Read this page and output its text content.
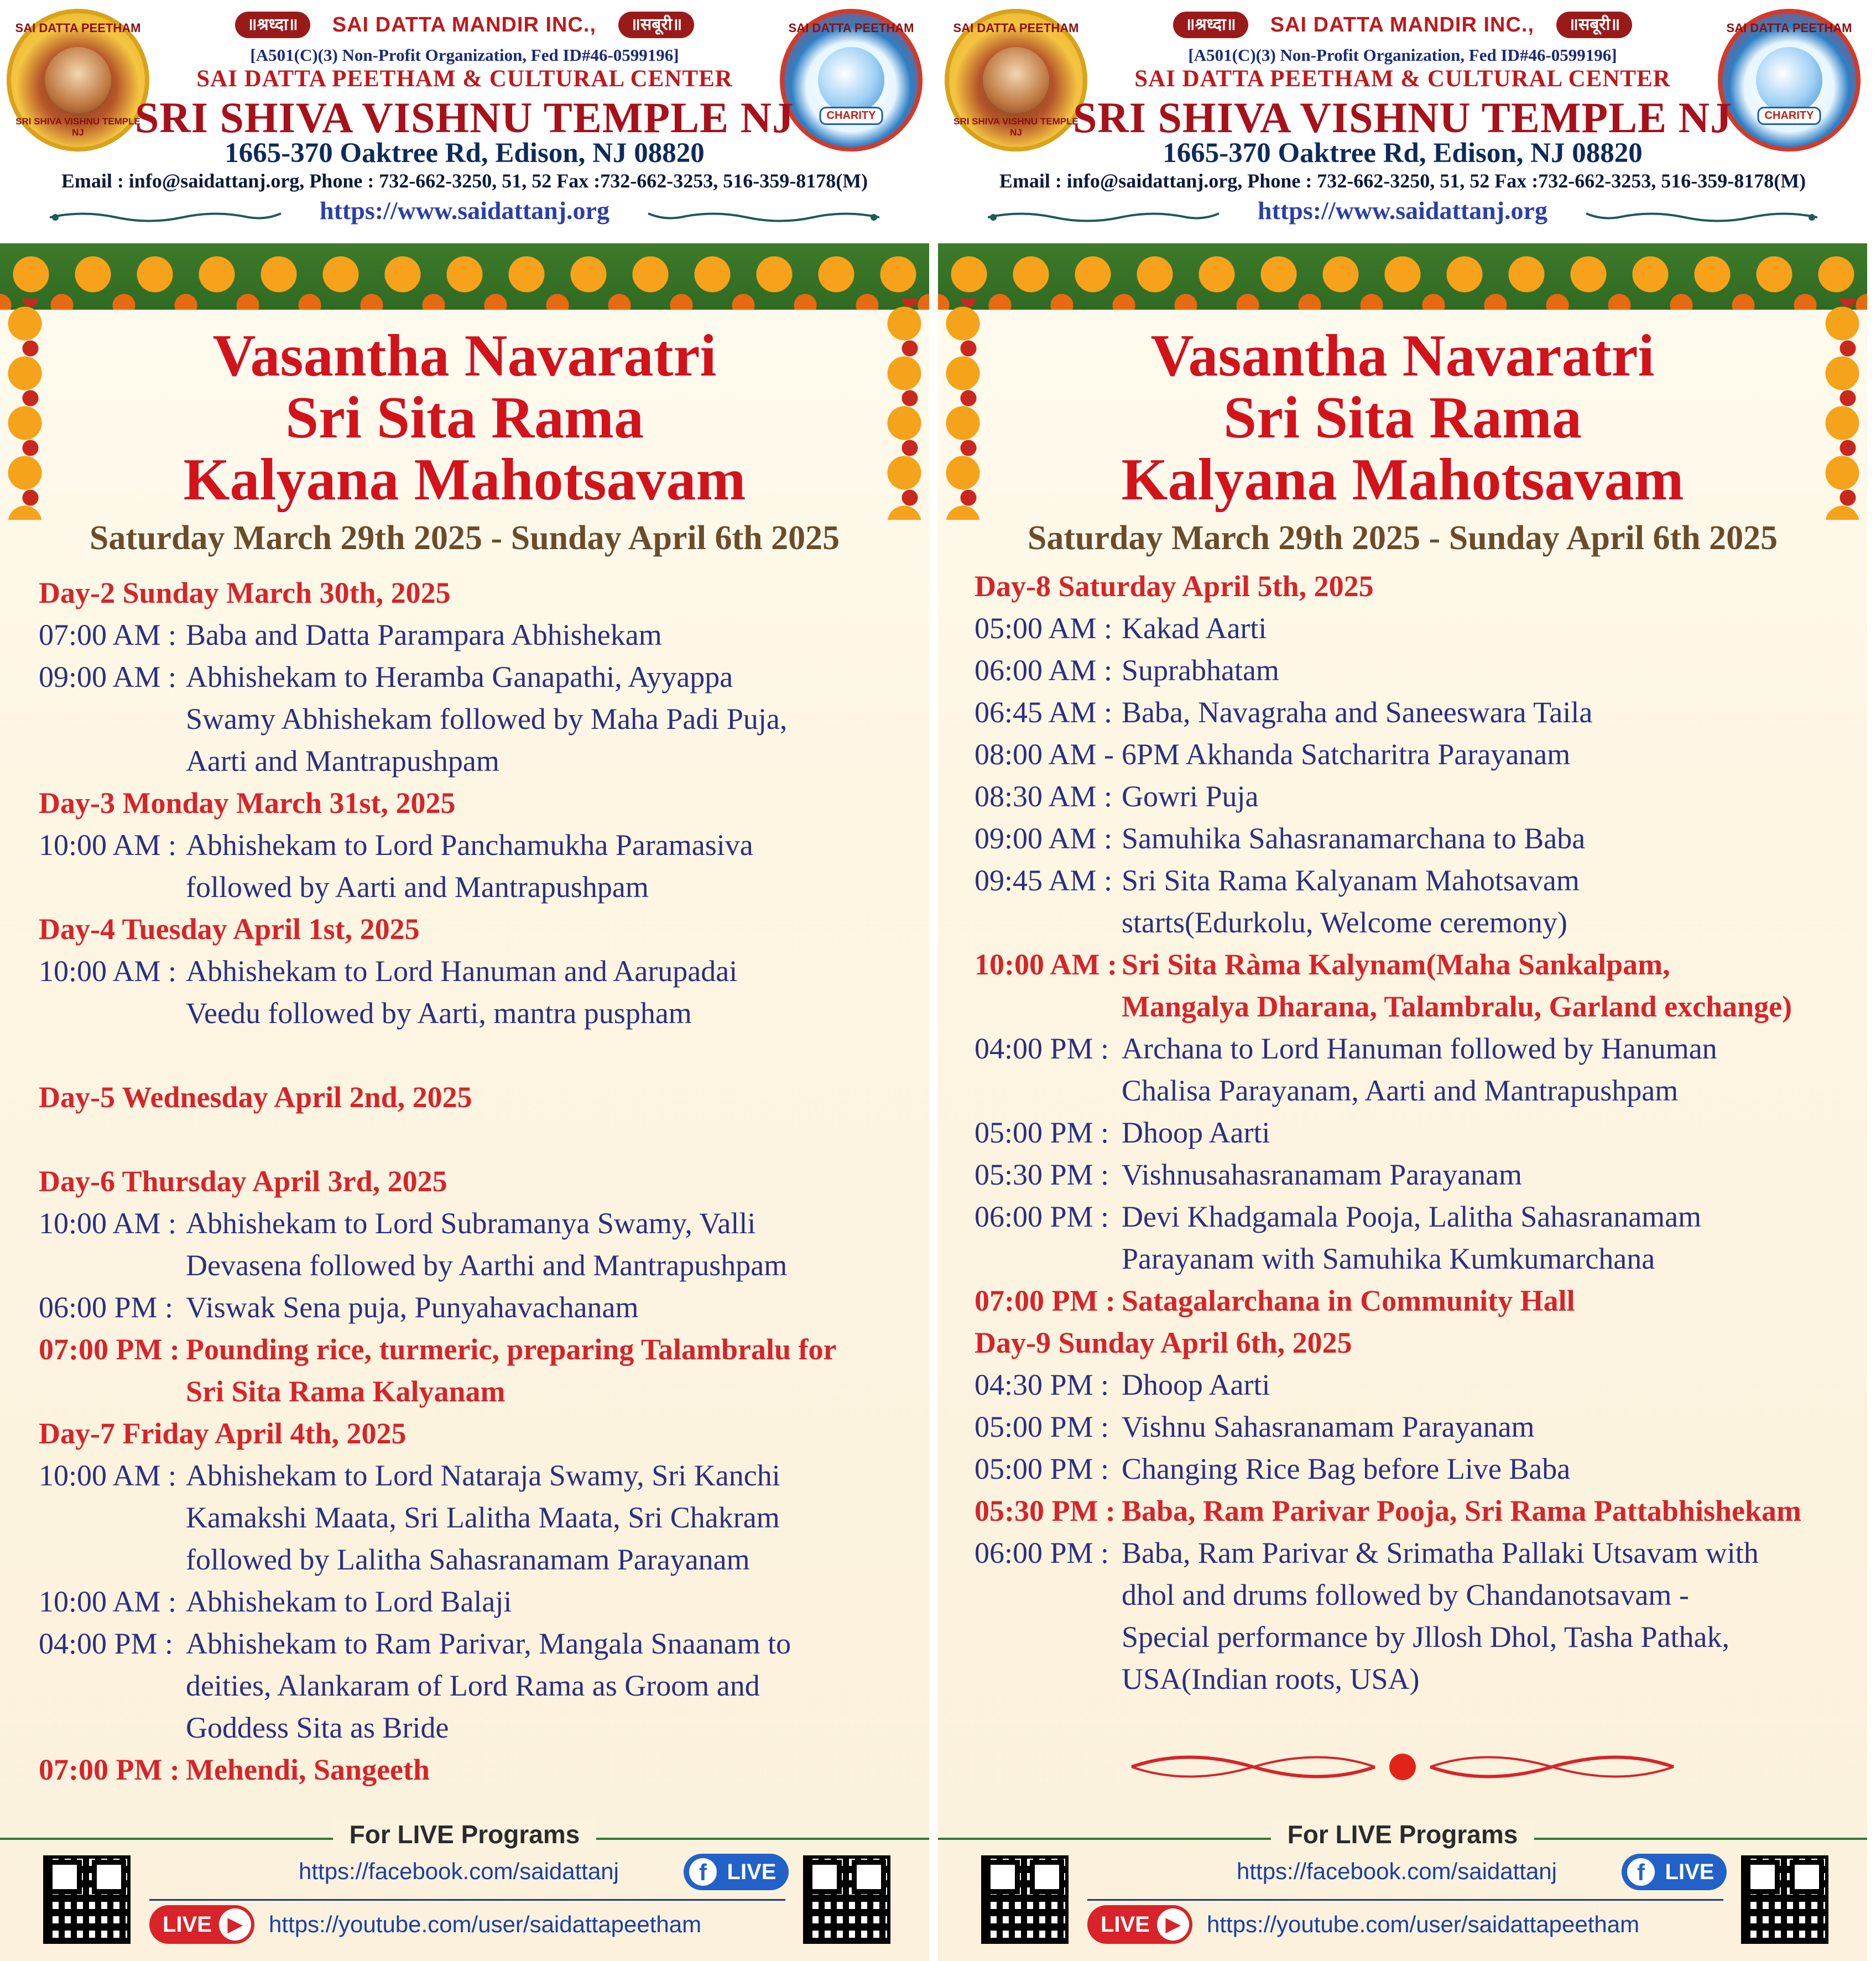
SAI DATTA PEETHAM
SRI SHIVA VISHNU TEMPLE NJ
SAI DATTA PEETHAM
CHARITY
॥श्रध्दा॥ SAI DATTA MANDIR INC., ॥सबूरी॥
[A501(C)(3) Non-Profit Organization, Fed ID#46-0599196]
SAI DATTA PEETHAM & CULTURAL CENTER
SRI SHIVA VISHNU TEMPLE NJ
1665-370 Oaktree Rd, Edison, NJ 08820
Email : info@saidattanj.org, Phone : 732-662-3250, 51, 52 Fax :732-662-3253, 516-359-8178(M)
https://www.saidattanj.org
Vasantha Navaratri
Sri Sita Rama
Kalyana Mahotsavam
Saturday March 29th 2025 - Sunday April 6th 2025
Day-2 Sunday March 30th, 2025
07:00 AM : Baba and Datta Parampara Abhishekam
09:00 AM : Abhishekam to Heramba Ganapathi, Ayyappa
Swamy Abhishekam followed by Maha Padi Puja,
Aarti and Mantrapushpam
Day-3 Monday March 31st, 2025
10:00 AM : Abhishekam to Lord Panchamukha Paramasiva
followed by Aarti and Mantrapushpam
Day-4 Tuesday April 1st, 2025
10:00 AM : Abhishekam to Lord Hanuman and Aarupadai
Veedu followed by Aarti, mantra puspham
Day-5 Wednesday April 2nd, 2025
Day-6 Thursday April 3rd, 2025
10:00 AM : Abhishekam to Lord Subramanya Swamy, Valli
Devasena followed by Aarthi and Mantrapushpam
06:00 PM : Viswak Sena puja, Punyahavachanam
07:00 PM : Pounding rice, turmeric, preparing Talambralu for
Sri Sita Rama Kalyanam
Day-7 Friday April 4th, 2025
10:00 AM : Abhishekam to Lord Nataraja Swamy, Sri Kanchi
Kamakshi Maata, Sri Lalitha Maata, Sri Chakram
followed by Lalitha Sahasranamam Parayanam
10:00 AM : Abhishekam to Lord Balaji
04:00 PM : Abhishekam to Ram Parivar, Mangala Snaanam to
deities, Alankaram of Lord Rama as Groom and
Goddess Sita as Bride
07:00 PM : Mehendi, Sangeeth
For LIVE Programs
https://facebook.com/saidattanj	f LIVE
LIVE ▶	https://youtube.com/user/saidattapeetham
SAI DATTA PEETHAM
SRI SHIVA VISHNU TEMPLE NJ
SAI DATTA PEETHAM
CHARITY
॥श्रध्दा॥ SAI DATTA MANDIR INC., ॥सबूरी॥
[A501(C)(3) Non-Profit Organization, Fed ID#46-0599196]
SAI DATTA PEETHAM & CULTURAL CENTER
SRI SHIVA VISHNU TEMPLE NJ
1665-370 Oaktree Rd, Edison, NJ 08820
Email : info@saidattanj.org, Phone : 732-662-3250, 51, 52 Fax :732-662-3253, 516-359-8178(M)
https://www.saidattanj.org
Vasantha Navaratri
Sri Sita Rama
Kalyana Mahotsavam
Saturday March 29th 2025 - Sunday April 6th 2025
Day-8 Saturday April 5th, 2025
05:00 AM : Kakad Aarti
06:00 AM : Suprabhatam
06:45 AM : Baba, Navagraha and Saneeswara Taila
08:00 AM - 6PM Akhanda Satcharitra Parayanam
08:30 AM : Gowri Puja
09:00 AM : Samuhika Sahasranamarchana to Baba
09:45 AM : Sri Sita Rama Kalyanam Mahotsavam
starts(Edurkolu, Welcome ceremony)
10:00 AM : Sri Sita Ràma Kalynam(Maha Sankalpam,
Mangalya Dharana, Talambralu, Garland exchange)
04:00 PM : Archana to Lord Hanuman followed by Hanuman
Chalisa Parayanam, Aarti and Mantrapushpam
05:00 PM : Dhoop Aarti
05:30 PM : Vishnusahasranamam Parayanam
06:00 PM : Devi Khadgamala Pooja, Lalitha Sahasranamam
Parayanam with Samuhika Kumkumarchana
07:00 PM : Satagalarchana in Community Hall
Day-9 Sunday April 6th, 2025
04:30 PM : Dhoop Aarti
05:00 PM : Vishnu Sahasranamam Parayanam
05:00 PM : Changing Rice Bag before Live Baba
05:30 PM : Baba, Ram Parivar Pooja, Sri Rama Pattabhishekam
06:00 PM : Baba, Ram Parivar & Srimatha Pallaki Utsavam with
dhol and drums followed by Chandanotsavam -
Special performance by Jllosh Dhol, Tasha Pathak,
USA(Indian roots, USA)
For LIVE Programs
https://facebook.com/saidattanj	f LIVE
LIVE ▶	https://youtube.com/user/saidattapeetham
